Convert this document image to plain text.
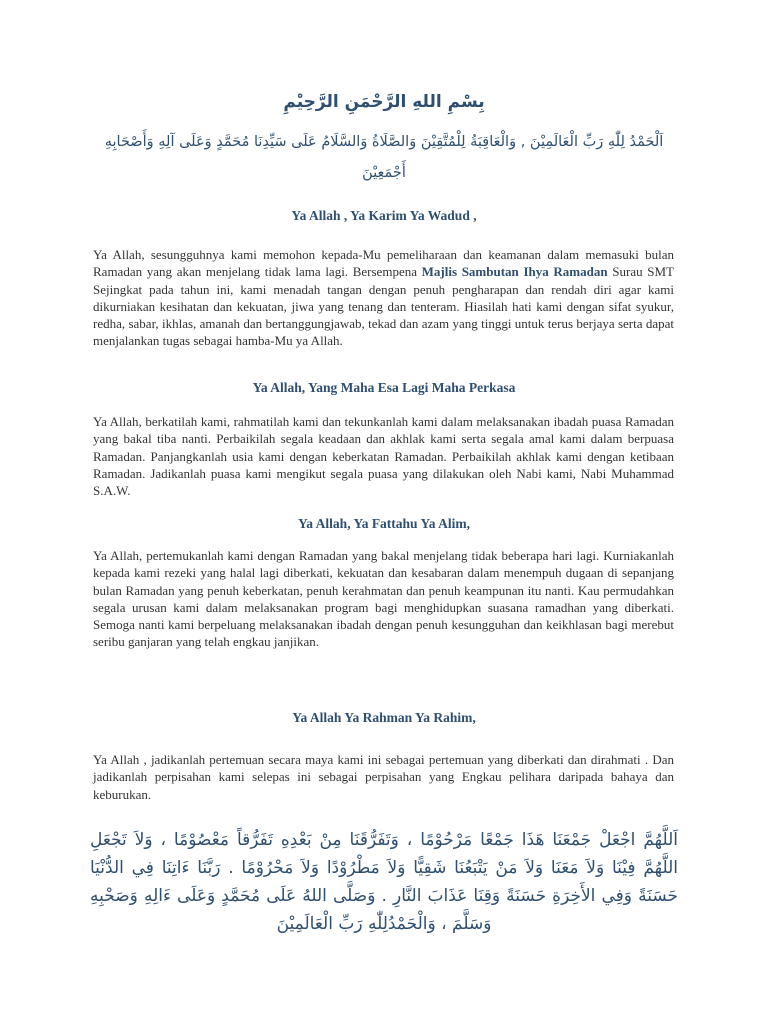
بِسْمِ اللهِ الرَّحْمَنِ الرَّحِيْمِ
اَلْحَمْدُ لِلّٰهِ رَبِّ الْعَالَمِيْنَ , وَالْعَاقِبَةُ لِلْمُتَّقِيْنَ وَالصَّلَاةُ وَالسَّلَامُ عَلَى سَيِّدِنَا مُحَمَّدٍ وَعَلَى آلِهِ وَأَصْحَابِهِ أَجْمَعِيْنَ
Ya Allah , Ya Karim Ya Wadud ,
Ya Allah, sesungguhnya kami memohon kepada-Mu pemeliharaan dan keamanan dalam memasuki bulan Ramadan yang akan menjelang tidak lama lagi. Bersempena Majlis Sambutan Ihya Ramadan Surau SMT Sejingkat pada tahun ini, kami menadah tangan dengan penuh pengharapan dan rendah diri agar kami dikurniakan kesihatan dan kekuatan, jiwa yang tenang dan tenteram. Hiasilah hati kami dengan sifat syukur, redha, sabar, ikhlas, amanah dan bertanggungjawab, tekad dan azam yang tinggi untuk terus berjaya serta dapat menjalankan tugas sebagai hamba-Mu ya Allah.
Ya Allah, Yang Maha Esa Lagi Maha Perkasa
Ya Allah, berkatilah kami, rahmatilah kami dan tekunkanlah kami dalam melaksanakan ibadah puasa Ramadan yang bakal tiba nanti. Perbaikilah segala keadaan dan akhlak kami serta segala amal kami dalam berpuasa Ramadan. Panjangkanlah usia kami dengan keberkatan Ramadan. Perbaikilah akhlak kami dengan ketibaan Ramadan. Jadikanlah puasa kami mengikut segala puasa yang dilakukan oleh Nabi kami, Nabi Muhammad S.A.W.
Ya Allah, Ya Fattahu Ya Alim,
Ya Allah, pertemukanlah kami dengan Ramadan yang bakal menjelang tidak beberapa hari lagi. Kurniakanlah kepada kami rezeki yang halal lagi diberkati, kekuatan dan kesabaran dalam menempuh dugaan di sepanjang bulan Ramadan yang penuh keberkatan, penuh kerahmatan dan penuh keampunan itu nanti. Kau permudahkan segala urusan kami dalam melaksanakan program bagi menghidupkan suasana ramadhan yang diberkati. Semoga nanti kami berpeluang melaksanakan ibadah dengan penuh kesungguhan dan keikhlasan bagi merebut seribu ganjaran yang telah engkau janjikan.
Ya Allah Ya Rahman Ya Rahim,
Ya Allah , jadikanlah pertemuan secara maya kami ini sebagai pertemuan yang diberkati dan dirahmati . Dan jadikanlah perpisahan kami selepas ini sebagai perpisahan yang Engkau pelihara daripada bahaya dan keburukan.
اَللَّهُمَّ اجْعَلْ جَمْعَنَا هَذَا جَمْعًا مَرْحُوْمًا ، وَتَفَرُّقَنَا مِنْ بَعْدِهِ تَفَرُّقاً مَعْصُوْمًا ، وَلاَ تَجْعَلِ اللَّهُمَّ فِيْنَا وَلاَ مَعَنَا وَلاَ مَنْ يَتْبَعُنَا شَقِيًّا وَلاَ مَطْرُوْدًا وَلاَ مَحْرُوْمًا . رَبَّنَا ءَاتِنَا فِي الدُّنْيَا حَسَنَةً وَفِي الأَخِرَةِ حَسَنَةً وَقِنَا عَذَابَ النَّارِ . وَصَلَّى اللهُ عَلَى مُحَمَّدٍ وَعَلَى ءَالِهِ وَصَحْبِهِ وَسَلَّمَ ، وَالْحَمْدُلِلّٰهِ رَبِّ الْعَالَمِيْنَ
